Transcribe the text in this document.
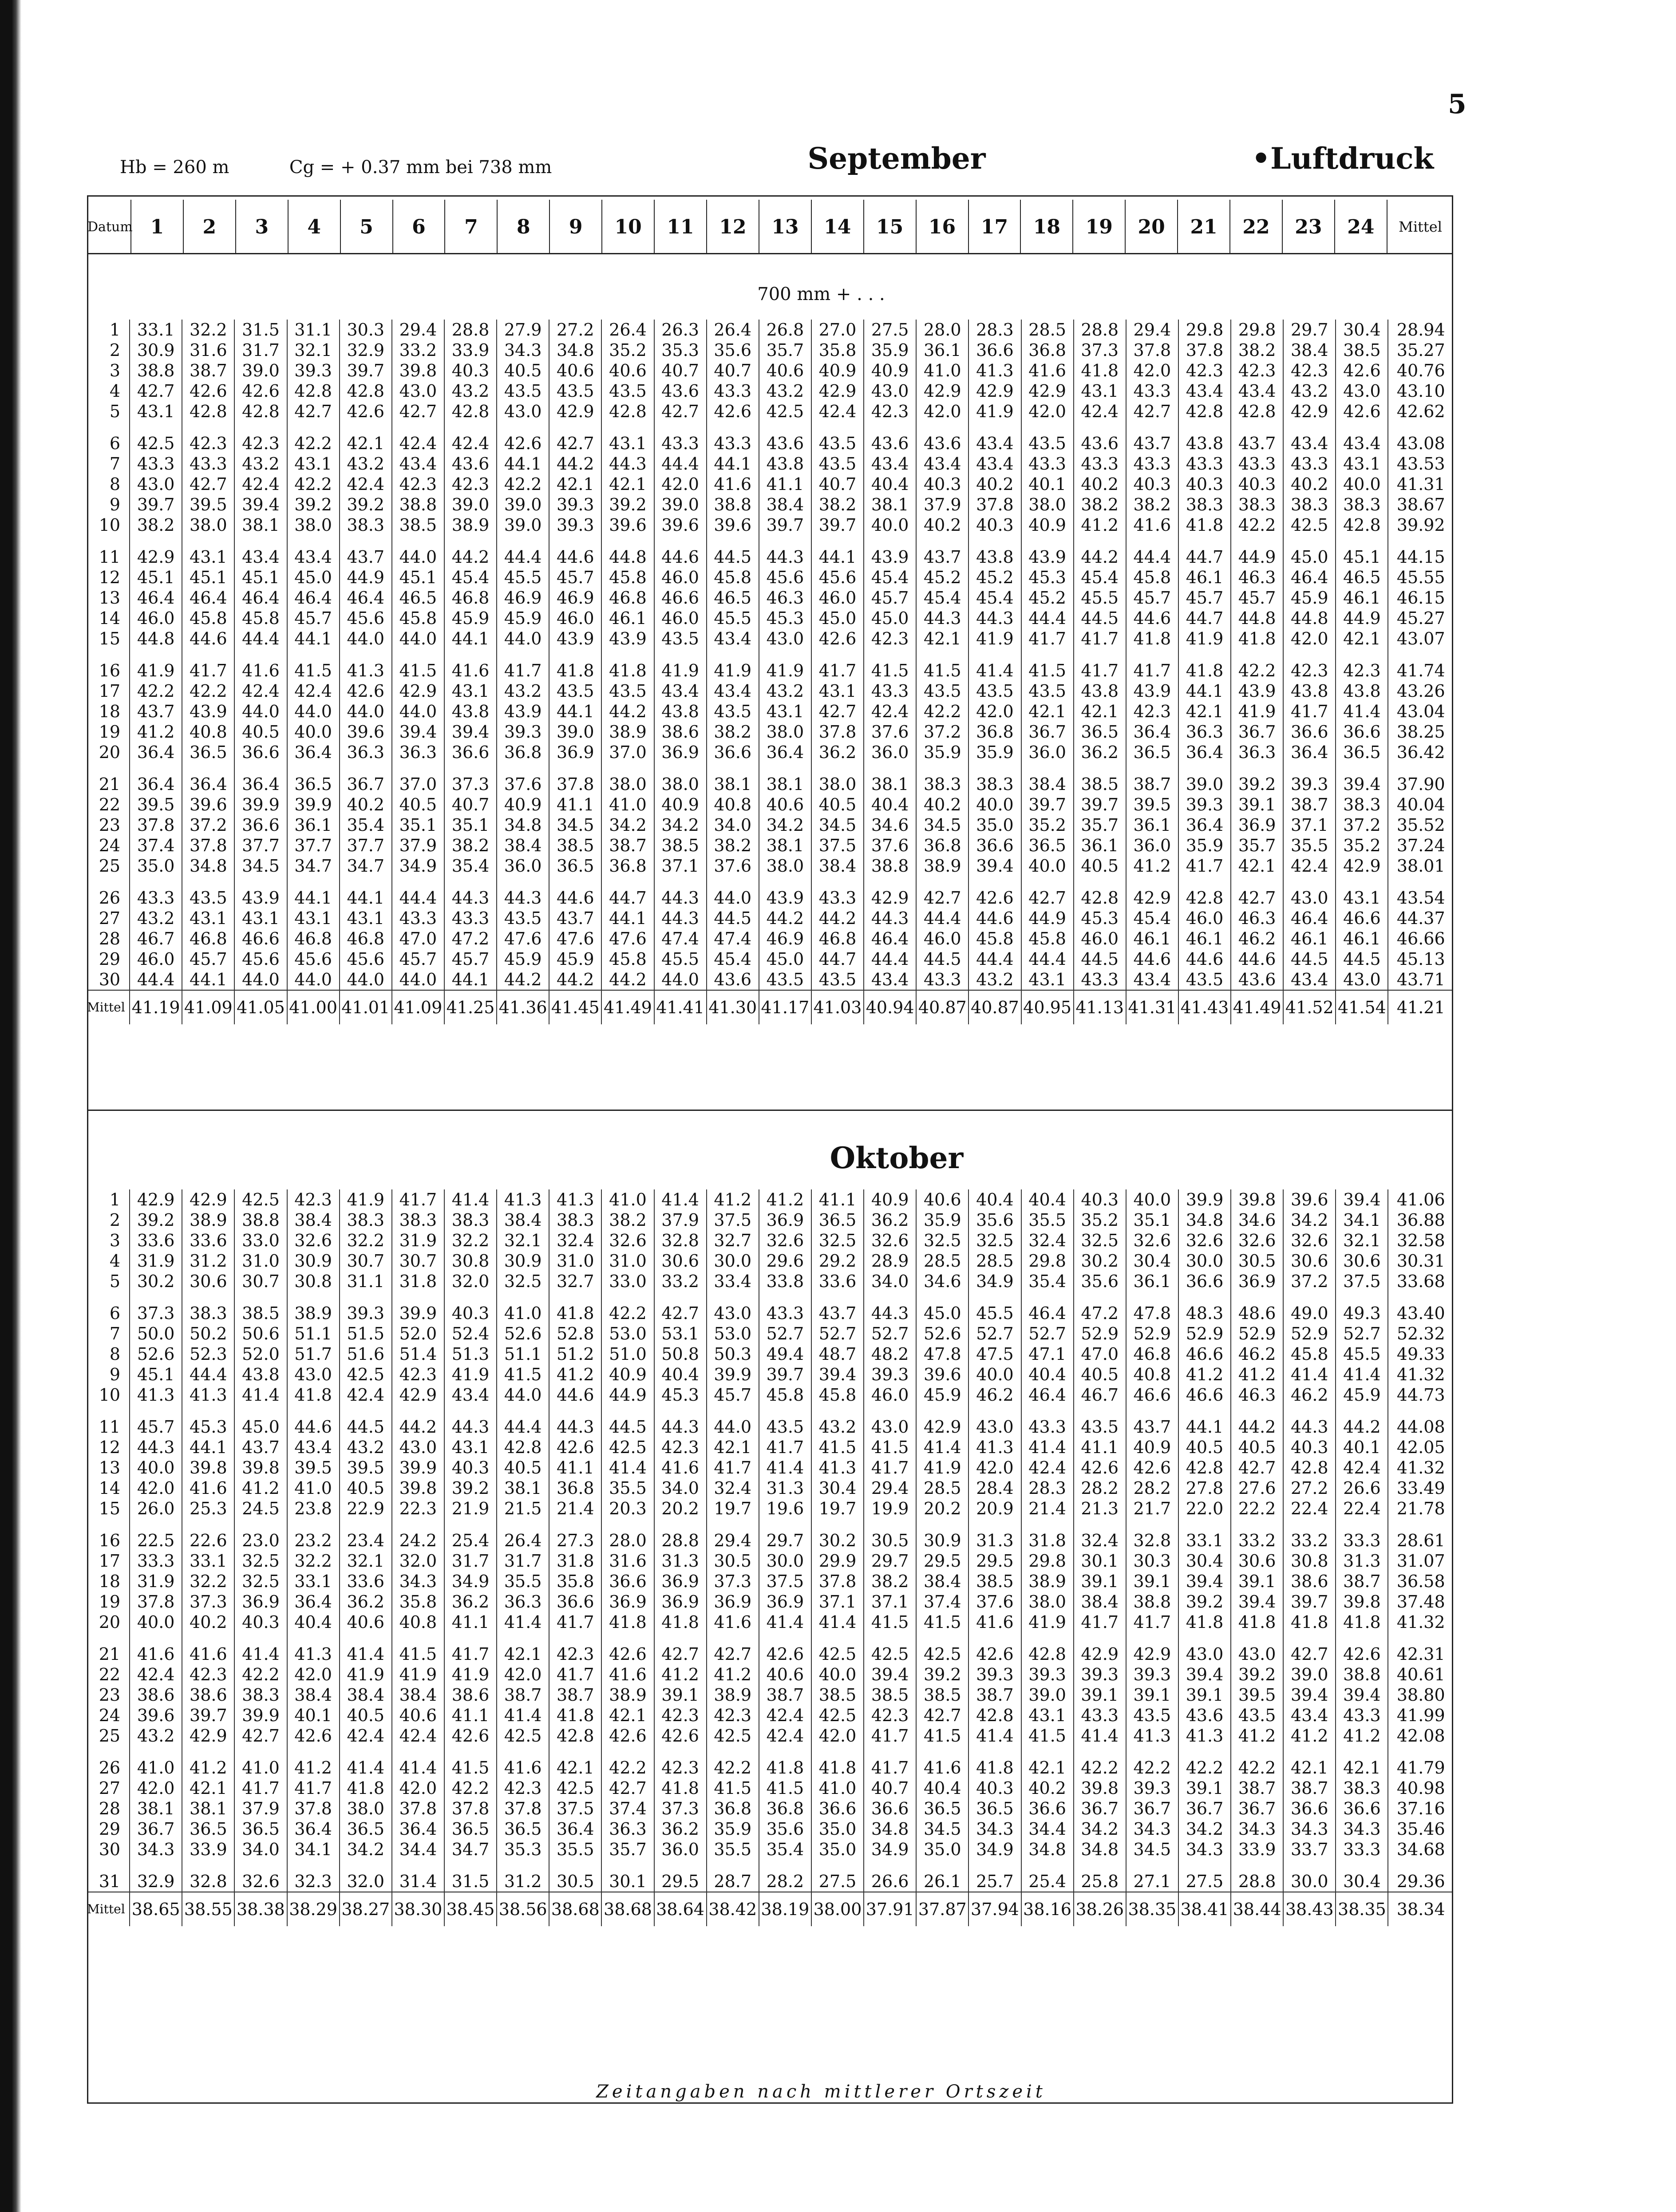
5
Hb = 260 m	Cg = + 0.37 mm bei 738 mm	September	•Luftdruck
Datum	1	2	3	4	5	6	7	8	9	10	11	12	13	14	15	16	17	18	19	20	21	22	23	24	Mittel
700 mm + . . .
1	33.1	32.2	31.5	31.1	30.3	29.4	28.8	27.9	27.2	26.4	26.3	26.4	26.8	27.0	27.5	28.0	28.3	28.5	28.8	29.4	29.8	29.8	29.7	30.4	28.94
2	30.9	31.6	31.7	32.1	32.9	33.2	33.9	34.3	34.8	35.2	35.3	35.6	35.7	35.8	35.9	36.1	36.6	36.8	37.3	37.8	37.8	38.2	38.4	38.5	35.27
3	38.8	38.7	39.0	39.3	39.7	39.8	40.3	40.5	40.6	40.6	40.7	40.7	40.6	40.9	40.9	41.0	41.3	41.6	41.8	42.0	42.3	42.3	42.3	42.6	40.76
4	42.7	42.6	42.6	42.8	42.8	43.0	43.2	43.5	43.5	43.5	43.6	43.3	43.2	42.9	43.0	42.9	42.9	42.9	43.1	43.3	43.4	43.4	43.2	43.0	43.10
5	43.1	42.8	42.8	42.7	42.6	42.7	42.8	43.0	42.9	42.8	42.7	42.6	42.5	42.4	42.3	42.0	41.9	42.0	42.4	42.7	42.8	42.8	42.9	42.6	42.62

6	42.5	42.3	42.3	42.2	42.1	42.4	42.4	42.6	42.7	43.1	43.3	43.3	43.6	43.5	43.6	43.6	43.4	43.5	43.6	43.7	43.8	43.7	43.4	43.4	43.08
7	43.3	43.3	43.2	43.1	43.2	43.4	43.6	44.1	44.2	44.3	44.4	44.1	43.8	43.5	43.4	43.4	43.4	43.3	43.3	43.3	43.3	43.3	43.3	43.1	43.53
8	43.0	42.7	42.4	42.2	42.4	42.3	42.3	42.2	42.1	42.1	42.0	41.6	41.1	40.7	40.4	40.3	40.2	40.1	40.2	40.3	40.3	40.3	40.2	40.0	41.31
9	39.7	39.5	39.4	39.2	39.2	38.8	39.0	39.0	39.3	39.2	39.0	38.8	38.4	38.2	38.1	37.9	37.8	38.0	38.2	38.2	38.3	38.3	38.3	38.3	38.67
10	38.2	38.0	38.1	38.0	38.3	38.5	38.9	39.0	39.3	39.6	39.6	39.6	39.7	39.7	40.0	40.2	40.3	40.9	41.2	41.6	41.8	42.2	42.5	42.8	39.92

11	42.9	43.1	43.4	43.4	43.7	44.0	44.2	44.4	44.6	44.8	44.6	44.5	44.3	44.1	43.9	43.7	43.8	43.9	44.2	44.4	44.7	44.9	45.0	45.1	44.15
12	45.1	45.1	45.1	45.0	44.9	45.1	45.4	45.5	45.7	45.8	46.0	45.8	45.6	45.6	45.4	45.2	45.2	45.3	45.4	45.8	46.1	46.3	46.4	46.5	45.55
13	46.4	46.4	46.4	46.4	46.4	46.5	46.8	46.9	46.9	46.8	46.6	46.5	46.3	46.0	45.7	45.4	45.4	45.2	45.5	45.7	45.7	45.7	45.9	46.1	46.15
14	46.0	45.8	45.8	45.7	45.6	45.8	45.9	45.9	46.0	46.1	46.0	45.5	45.3	45.0	45.0	44.3	44.3	44.4	44.5	44.6	44.7	44.8	44.8	44.9	45.27
15	44.8	44.6	44.4	44.1	44.0	44.0	44.1	44.0	43.9	43.9	43.5	43.4	43.0	42.6	42.3	42.1	41.9	41.7	41.7	41.8	41.9	41.8	42.0	42.1	43.07

16	41.9	41.7	41.6	41.5	41.3	41.5	41.6	41.7	41.8	41.8	41.9	41.9	41.9	41.7	41.5	41.5	41.4	41.5	41.7	41.7	41.8	42.2	42.3	42.3	41.74
17	42.2	42.2	42.4	42.4	42.6	42.9	43.1	43.2	43.5	43.5	43.4	43.4	43.2	43.1	43.3	43.5	43.5	43.5	43.8	43.9	44.1	43.9	43.8	43.8	43.26
18	43.7	43.9	44.0	44.0	44.0	44.0	43.8	43.9	44.1	44.2	43.8	43.5	43.1	42.7	42.4	42.2	42.0	42.1	42.1	42.3	42.1	41.9	41.7	41.4	43.04
19	41.2	40.8	40.5	40.0	39.6	39.4	39.4	39.3	39.0	38.9	38.6	38.2	38.0	37.8	37.6	37.2	36.8	36.7	36.5	36.4	36.3	36.7	36.6	36.6	38.25
20	36.4	36.5	36.6	36.4	36.3	36.3	36.6	36.8	36.9	37.0	36.9	36.6	36.4	36.2	36.0	35.9	35.9	36.0	36.2	36.5	36.4	36.3	36.4	36.5	36.42

21	36.4	36.4	36.4	36.5	36.7	37.0	37.3	37.6	37.8	38.0	38.0	38.1	38.1	38.0	38.1	38.3	38.3	38.4	38.5	38.7	39.0	39.2	39.3	39.4	37.90
22	39.5	39.6	39.9	39.9	40.2	40.5	40.7	40.9	41.1	41.0	40.9	40.8	40.6	40.5	40.4	40.2	40.0	39.7	39.7	39.5	39.3	39.1	38.7	38.3	40.04
23	37.8	37.2	36.6	36.1	35.4	35.1	35.1	34.8	34.5	34.2	34.2	34.0	34.2	34.5	34.6	34.5	35.0	35.2	35.7	36.1	36.4	36.9	37.1	37.2	35.52
24	37.4	37.8	37.7	37.7	37.7	37.9	38.2	38.4	38.5	38.7	38.5	38.2	38.1	37.5	37.6	36.8	36.6	36.5	36.1	36.0	35.9	35.7	35.5	35.2	37.24
25	35.0	34.8	34.5	34.7	34.7	34.9	35.4	36.0	36.5	36.8	37.1	37.6	38.0	38.4	38.8	38.9	39.4	40.0	40.5	41.2	41.7	42.1	42.4	42.9	38.01

26	43.3	43.5	43.9	44.1	44.1	44.4	44.3	44.3	44.6	44.7	44.3	44.0	43.9	43.3	42.9	42.7	42.6	42.7	42.8	42.9	42.8	42.7	43.0	43.1	43.54
27	43.2	43.1	43.1	43.1	43.1	43.3	43.3	43.5	43.7	44.1	44.3	44.5	44.2	44.2	44.3	44.4	44.6	44.9	45.3	45.4	46.0	46.3	46.4	46.6	44.37
28	46.7	46.8	46.6	46.8	46.8	47.0	47.2	47.6	47.6	47.6	47.4	47.4	46.9	46.8	46.4	46.0	45.8	45.8	46.0	46.1	46.1	46.2	46.1	46.1	46.66
29	46.0	45.7	45.6	45.6	45.6	45.7	45.7	45.9	45.9	45.8	45.5	45.4	45.0	44.7	44.4	44.5	44.4	44.4	44.5	44.6	44.6	44.6	44.5	44.5	45.13
30	44.4	44.1	44.0	44.0	44.0	44.0	44.1	44.2	44.2	44.2	44.0	43.6	43.5	43.5	43.4	43.3	43.2	43.1	43.3	43.4	43.5	43.6	43.4	43.0	43.71
Mittel	41.19	41.09	41.05	41.00	41.01	41.09	41.25	41.36	41.45	41.49	41.41	41.30	41.17	41.03	40.94	40.87	40.87	40.95	41.13	41.31	41.43	41.49	41.52	41.54	41.21
Oktober
1	42.9	42.9	42.5	42.3	41.9	41.7	41.4	41.3	41.3	41.0	41.4	41.2	41.2	41.1	40.9	40.6	40.4	40.4	40.3	40.0	39.9	39.8	39.6	39.4	41.06
2	39.2	38.9	38.8	38.4	38.3	38.3	38.3	38.4	38.3	38.2	37.9	37.5	36.9	36.5	36.2	35.9	35.6	35.5	35.2	35.1	34.8	34.6	34.2	34.1	36.88
3	33.6	33.6	33.0	32.6	32.2	31.9	32.2	32.1	32.4	32.6	32.8	32.7	32.6	32.5	32.6	32.5	32.5	32.4	32.5	32.6	32.6	32.6	32.6	32.1	32.58
4	31.9	31.2	31.0	30.9	30.7	30.7	30.8	30.9	31.0	31.0	30.6	30.0	29.6	29.2	28.9	28.5	28.5	29.8	30.2	30.4	30.0	30.5	30.6	30.6	30.31
5	30.2	30.6	30.7	30.8	31.1	31.8	32.0	32.5	32.7	33.0	33.2	33.4	33.8	33.6	34.0	34.6	34.9	35.4	35.6	36.1	36.6	36.9	37.2	37.5	33.68

6	37.3	38.3	38.5	38.9	39.3	39.9	40.3	41.0	41.8	42.2	42.7	43.0	43.3	43.7	44.3	45.0	45.5	46.4	47.2	47.8	48.3	48.6	49.0	49.3	43.40
7	50.0	50.2	50.6	51.1	51.5	52.0	52.4	52.6	52.8	53.0	53.1	53.0	52.7	52.7	52.7	52.6	52.7	52.7	52.9	52.9	52.9	52.9	52.9	52.7	52.32
8	52.6	52.3	52.0	51.7	51.6	51.4	51.3	51.1	51.2	51.0	50.8	50.3	49.4	48.7	48.2	47.8	47.5	47.1	47.0	46.8	46.6	46.2	45.8	45.5	49.33
9	45.1	44.4	43.8	43.0	42.5	42.3	41.9	41.5	41.2	40.9	40.4	39.9	39.7	39.4	39.3	39.6	40.0	40.4	40.5	40.8	41.2	41.2	41.4	41.4	41.32
10	41.3	41.3	41.4	41.8	42.4	42.9	43.4	44.0	44.6	44.9	45.3	45.7	45.8	45.8	46.0	45.9	46.2	46.4	46.7	46.6	46.6	46.3	46.2	45.9	44.73

11	45.7	45.3	45.0	44.6	44.5	44.2	44.3	44.4	44.3	44.5	44.3	44.0	43.5	43.2	43.0	42.9	43.0	43.3	43.5	43.7	44.1	44.2	44.3	44.2	44.08
12	44.3	44.1	43.7	43.4	43.2	43.0	43.1	42.8	42.6	42.5	42.3	42.1	41.7	41.5	41.5	41.4	41.3	41.4	41.1	40.9	40.5	40.5	40.3	40.1	42.05
13	40.0	39.8	39.8	39.5	39.5	39.9	40.3	40.5	41.1	41.4	41.6	41.7	41.4	41.3	41.7	41.9	42.0	42.4	42.6	42.6	42.8	42.7	42.8	42.4	41.32
14	42.0	41.6	41.2	41.0	40.5	39.8	39.2	38.1	36.8	35.5	34.0	32.4	31.3	30.4	29.4	28.5	28.4	28.3	28.2	28.2	27.8	27.6	27.2	26.6	33.49
15	26.0	25.3	24.5	23.8	22.9	22.3	21.9	21.5	21.4	20.3	20.2	19.7	19.6	19.7	19.9	20.2	20.9	21.4	21.3	21.7	22.0	22.2	22.4	22.4	21.78

16	22.5	22.6	23.0	23.2	23.4	24.2	25.4	26.4	27.3	28.0	28.8	29.4	29.7	30.2	30.5	30.9	31.3	31.8	32.4	32.8	33.1	33.2	33.2	33.3	28.61
17	33.3	33.1	32.5	32.2	32.1	32.0	31.7	31.7	31.8	31.6	31.3	30.5	30.0	29.9	29.7	29.5	29.5	29.8	30.1	30.3	30.4	30.6	30.8	31.3	31.07
18	31.9	32.2	32.5	33.1	33.6	34.3	34.9	35.5	35.8	36.6	36.9	37.3	37.5	37.8	38.2	38.4	38.5	38.9	39.1	39.1	39.4	39.1	38.6	38.7	36.58
19	37.8	37.3	36.9	36.4	36.2	35.8	36.2	36.3	36.6	36.9	36.9	36.9	36.9	37.1	37.1	37.4	37.6	38.0	38.4	38.8	39.2	39.4	39.7	39.8	37.48
20	40.0	40.2	40.3	40.4	40.6	40.8	41.1	41.4	41.7	41.8	41.8	41.6	41.4	41.4	41.5	41.5	41.6	41.9	41.7	41.7	41.8	41.8	41.8	41.8	41.32

21	41.6	41.6	41.4	41.3	41.4	41.5	41.7	42.1	42.3	42.6	42.7	42.7	42.6	42.5	42.5	42.5	42.6	42.8	42.9	42.9	43.0	43.0	42.7	42.6	42.31
22	42.4	42.3	42.2	42.0	41.9	41.9	41.9	42.0	41.7	41.6	41.2	41.2	40.6	40.0	39.4	39.2	39.3	39.3	39.3	39.3	39.4	39.2	39.0	38.8	40.61
23	38.6	38.6	38.3	38.4	38.4	38.4	38.6	38.7	38.7	38.9	39.1	38.9	38.7	38.5	38.5	38.5	38.7	39.0	39.1	39.1	39.1	39.5	39.4	39.4	38.80
24	39.6	39.7	39.9	40.1	40.5	40.6	41.1	41.4	41.8	42.1	42.3	42.3	42.4	42.5	42.3	42.7	42.8	43.1	43.3	43.5	43.6	43.5	43.4	43.3	41.99
25	43.2	42.9	42.7	42.6	42.4	42.4	42.6	42.5	42.8	42.6	42.6	42.5	42.4	42.0	41.7	41.5	41.4	41.5	41.4	41.3	41.3	41.2	41.2	41.2	42.08

26	41.0	41.2	41.0	41.2	41.4	41.4	41.5	41.6	42.1	42.2	42.3	42.2	41.8	41.8	41.7	41.6	41.8	42.1	42.2	42.2	42.2	42.2	42.1	42.1	41.79
27	42.0	42.1	41.7	41.7	41.8	42.0	42.2	42.3	42.5	42.7	41.8	41.5	41.5	41.0	40.7	40.4	40.3	40.2	39.8	39.3	39.1	38.7	38.7	38.3	40.98
28	38.1	38.1	37.9	37.8	38.0	37.8	37.8	37.8	37.5	37.4	37.3	36.8	36.8	36.6	36.6	36.5	36.5	36.6	36.7	36.7	36.7	36.7	36.6	36.6	37.16
29	36.7	36.5	36.5	36.4	36.5	36.4	36.5	36.5	36.4	36.3	36.2	35.9	35.6	35.0	34.8	34.5	34.3	34.4	34.2	34.3	34.2	34.3	34.3	34.3	35.46
30	34.3	33.9	34.0	34.1	34.2	34.4	34.7	35.3	35.5	35.7	36.0	35.5	35.4	35.0	34.9	35.0	34.9	34.8	34.8	34.5	34.3	33.9	33.7	33.3	34.68

31	32.9	32.8	32.6	32.3	32.0	31.4	31.5	31.2	30.5	30.1	29.5	28.7	28.2	27.5	26.6	26.1	25.7	25.4	25.8	27.1	27.5	28.8	30.0	30.4	29.36
Mittel	38.65	38.55	38.38	38.29	38.27	38.30	38.45	38.56	38.68	38.68	38.64	38.42	38.19	38.00	37.91	37.87	37.94	38.16	38.26	38.35	38.41	38.44	38.43	38.35	38.34
Zeitangaben nach mittlerer Ortszeit
